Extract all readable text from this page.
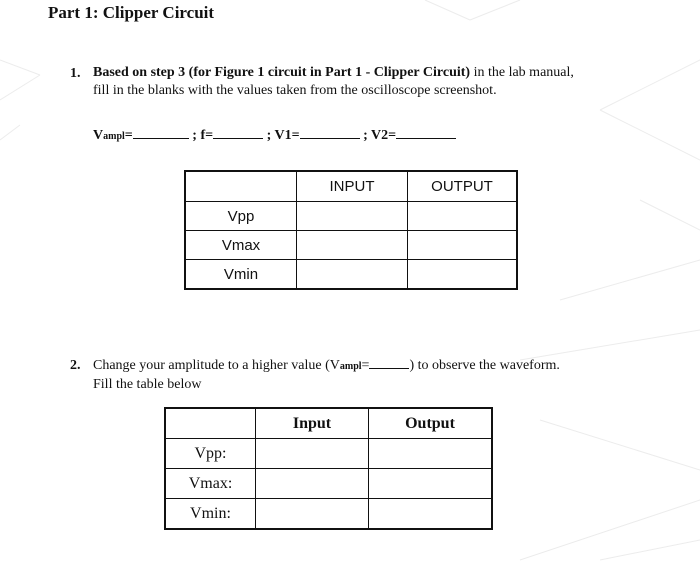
Part 1: Clipper Circuit
1. Based on step 3 (for Figure 1 circuit in Part 1 - Clipper Circuit) in the lab manual,
fill in the blanks with the values taken from the oscilloscope screenshot.
Vampl=	; f=	; V1=	; V2=
	INPUT	OUTPUT
Vpp		
Vmax		
Vmin		
2. Change your amplitude to a higher value (Vampl=	) to observe the waveform.
Fill the table below
	Input	Output
Vpp:		
Vmax:		
Vmin:		
